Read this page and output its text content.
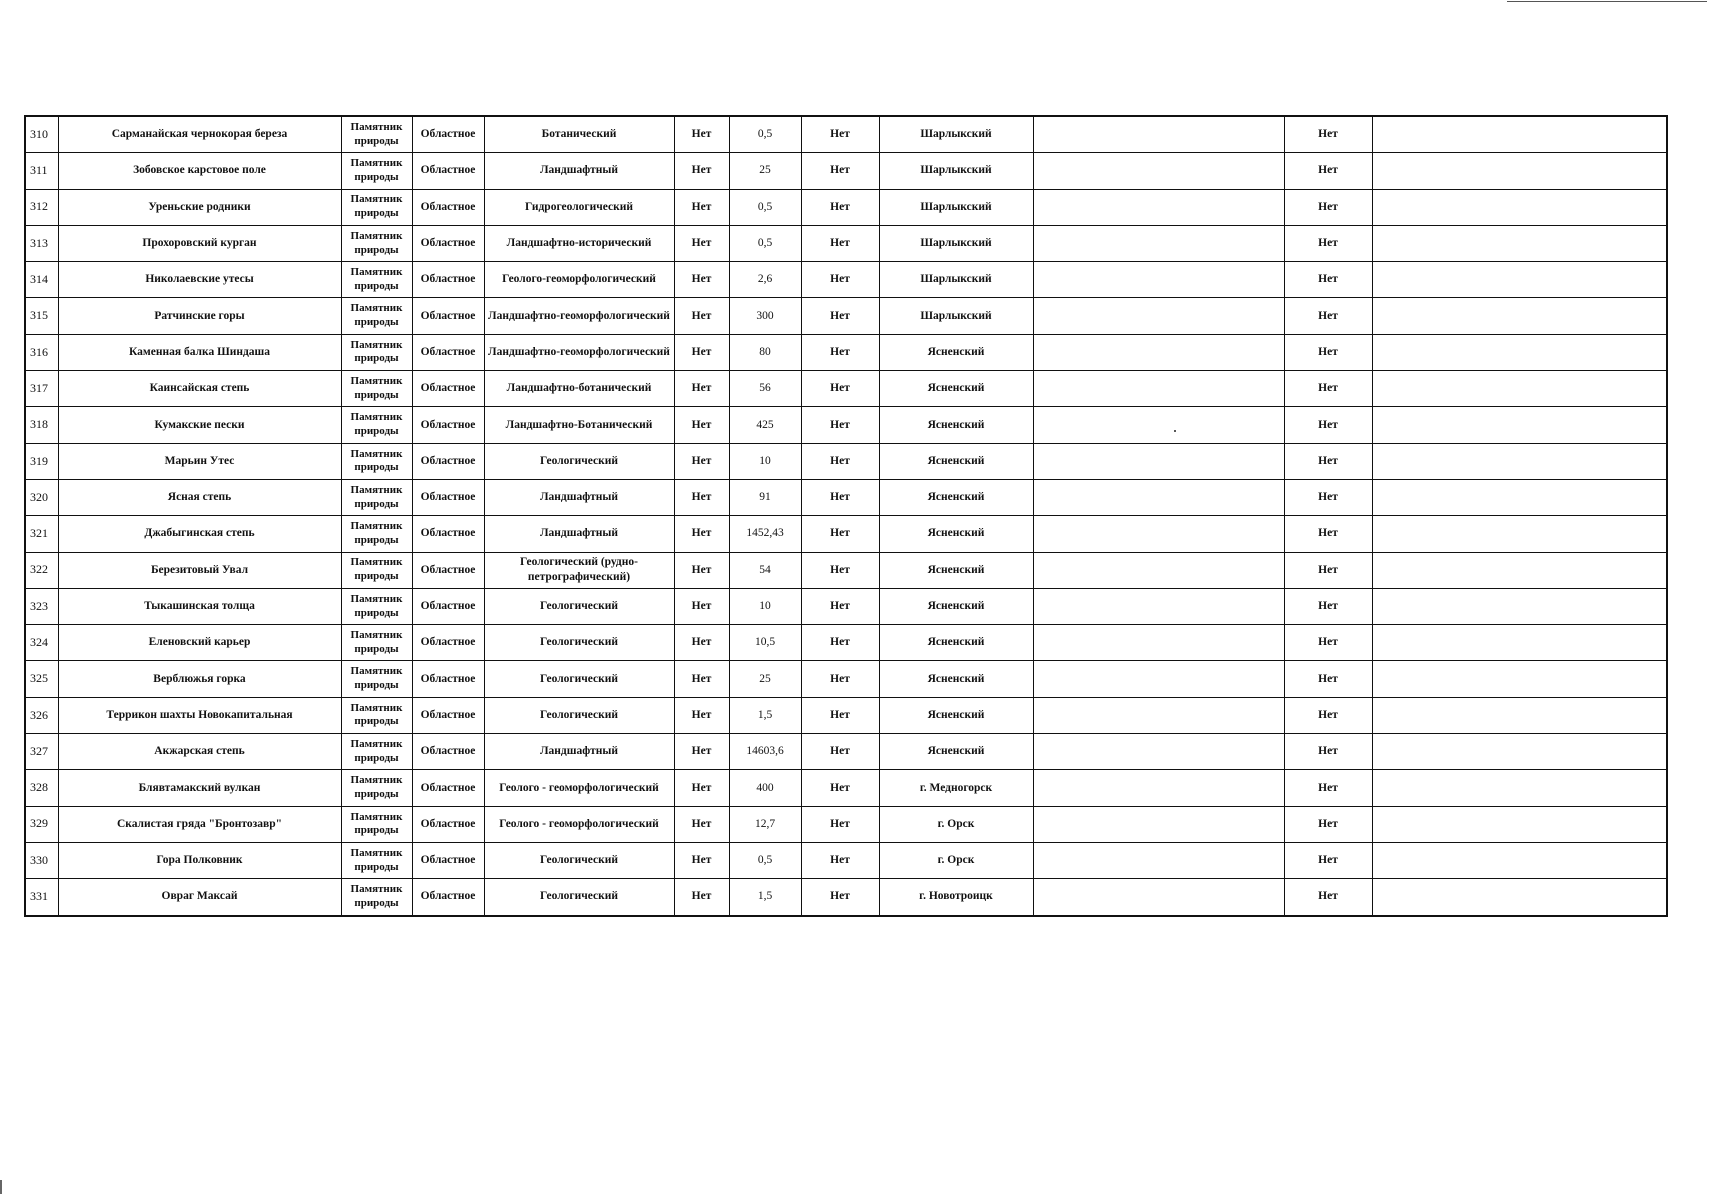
310	Сарманайская чернокорая береза	Памятник природы	Областное	Ботанический	Нет	0,5	Нет	Шарлыкский		Нет	
311	Зобовское карстовое поле	Памятник природы	Областное	Ландшафтный	Нет	25	Нет	Шарлыкский		Нет	
312	Уреньские родники	Памятник природы	Областное	Гидрогеологический	Нет	0,5	Нет	Шарлыкский		Нет	
313	Прохоровский курган	Памятник природы	Областное	Ландшафтно-исторический	Нет	0,5	Нет	Шарлыкский		Нет	
314	Николаевские утесы	Памятник природы	Областное	Геолого-геоморфологический	Нет	2,6	Нет	Шарлыкский		Нет	
315	Ратчинские горы	Памятник природы	Областное	Ландшафтно-геоморфологический	Нет	300	Нет	Шарлыкский		Нет	
316	Каменная балка Шиндаша	Памятник природы	Областное	Ландшафтно-геоморфологический	Нет	80	Нет	Ясненский		Нет	
317	Каинсайская степь	Памятник природы	Областное	Ландшафтно-ботанический	Нет	56	Нет	Ясненский		Нет	
318	Кумакские пески	Памятник природы	Областное	Ландшафтно-Ботанический	Нет	425	Нет	Ясненский		Нет	
319	Марьин Утес	Памятник природы	Областное	Геологический	Нет	10	Нет	Ясненский		Нет	
320	Ясная степь	Памятник природы	Областное	Ландшафтный	Нет	91	Нет	Ясненский		Нет	
321	Джабыгинская степь	Памятник природы	Областное	Ландшафтный	Нет	1452,43	Нет	Ясненский		Нет	
322	Березитовый Увал	Памятник природы	Областное	Геологический (рудно-петрографический)	Нет	54	Нет	Ясненский		Нет	
323	Тыкашинская толща	Памятник природы	Областное	Геологический	Нет	10	Нет	Ясненский		Нет	
324	Еленовский карьер	Памятник природы	Областное	Геологический	Нет	10,5	Нет	Ясненский		Нет	
325	Верблюжья горка	Памятник природы	Областное	Геологический	Нет	25	Нет	Ясненский		Нет	
326	Террикон шахты Новокапитальная	Памятник природы	Областное	Геологический	Нет	1,5	Нет	Ясненский		Нет	
327	Акжарская степь	Памятник природы	Областное	Ландшафтный	Нет	14603,6	Нет	Ясненский		Нет	
328	Блявтамакский вулкан	Памятник природы	Областное	Геолого - геоморфологический	Нет	400	Нет	г. Медногорск		Нет	
329	Скалистая гряда "Бронтозавр"	Памятник природы	Областное	Геолого - геоморфологический	Нет	12,7	Нет	г. Орск		Нет	
330	Гора Полковник	Памятник природы	Областное	Геологический	Нет	0,5	Нет	г. Орск		Нет	
331	Овраг Максай	Памятник природы	Областное	Геологический	Нет	1,5	Нет	г. Новотроицк		Нет	
